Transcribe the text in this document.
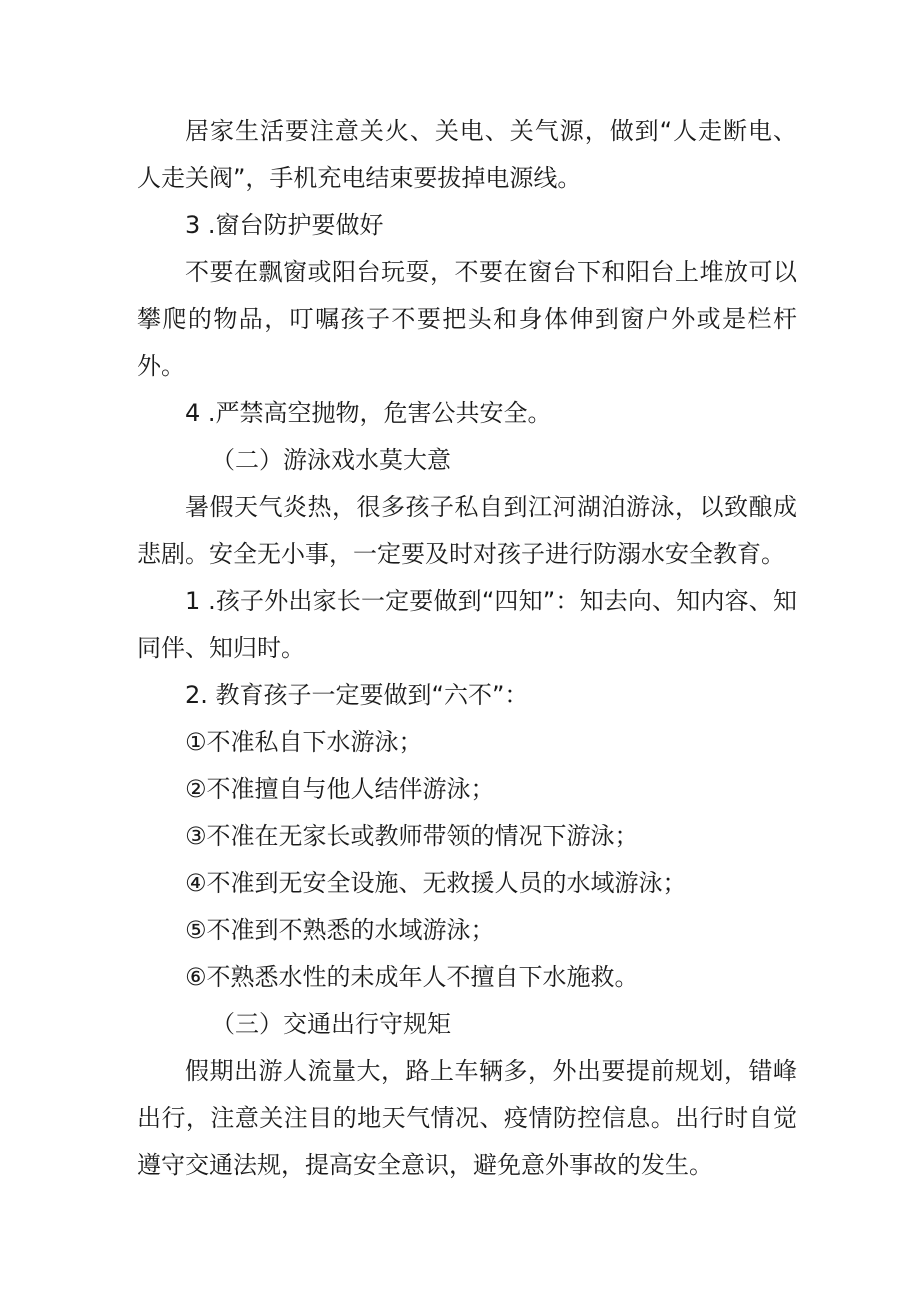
居家生活要注意关火、关电、关气源，做到“人走断电、人走关阀”，手机充电结束要拔掉电源线。

3 .窗台防护要做好

不要在飘窗或阳台玩耍，不要在窗台下和阳台上堆放可以攀爬的物品，叮嘱孩子不要把头和身体伸到窗户外或是栏杆外。

4 .严禁高空抛物，危害公共安全。

（二）游泳戏水莫大意

暑假天气炎热，很多孩子私自到江河湖泊游泳，以致酿成悲剧。安全无小事，一定要及时对孩子进行防溺水安全教育。

1 .孩子外出家长一定要做到“四知”：知去向、知内容、知同伴、知归时。

2. 教育孩子一定要做到“六不”：

①不准私自下水游泳；

②不准擅自与他人结伴游泳；

③不准在无家长或教师带领的情况下游泳；

④不准到无安全设施、无救援人员的水域游泳；

⑤不准到不熟悉的水域游泳；

⑥不熟悉水性的未成年人不擅自下水施救。

（三）交通出行守规矩

假期出游人流量大，路上车辆多，外出要提前规划，错峰出行，注意关注目的地天气情况、疫情防控信息。出行时自觉遵守交通法规，提高安全意识，避免意外事故的发生。
